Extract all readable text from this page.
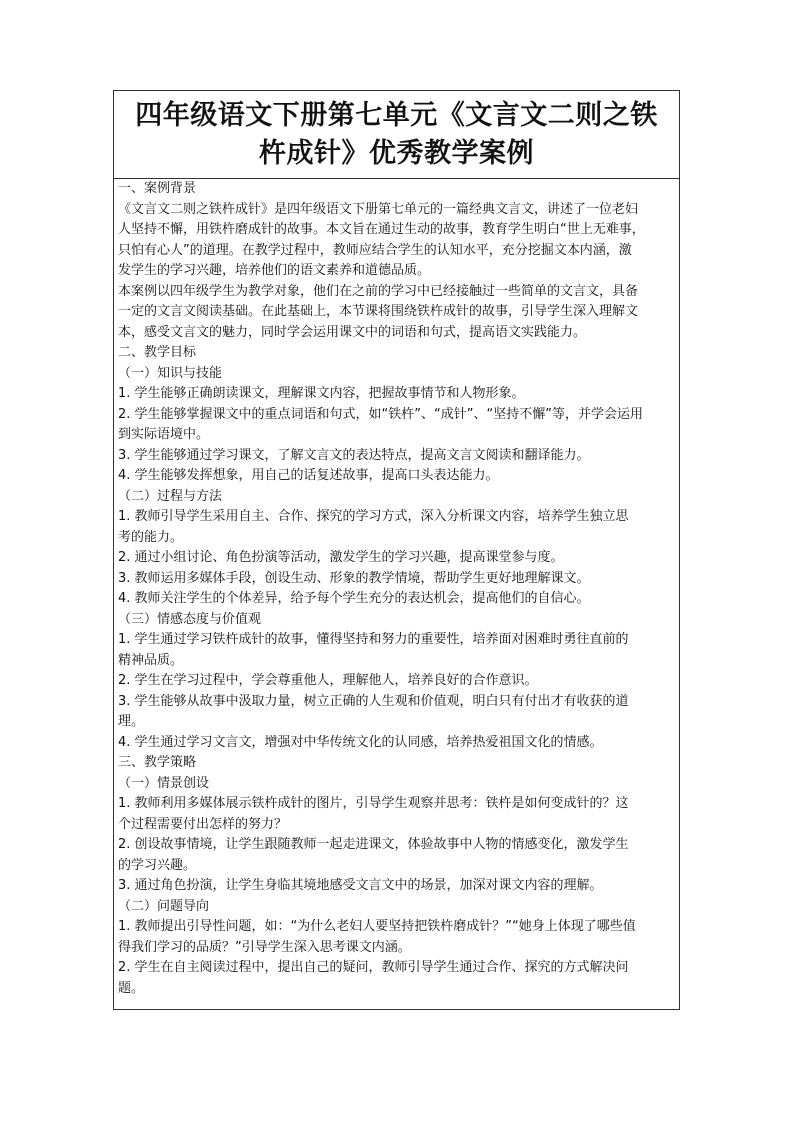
四年级语文下册第七单元《文言文二则之铁
杵成针》优秀教学案例
一、案例背景
《文言文二则之铁杵成针》是四年级语文下册第七单元的一篇经典文言文，讲述了一位老妇
人坚持不懈，用铁杵磨成针的故事。本文旨在通过生动的故事，教育学生明白“世上无难事，
只怕有心人”的道理。在教学过程中，教师应结合学生的认知水平，充分挖掘文本内涵，激
发学生的学习兴趣，培养他们的语文素养和道德品质。
本案例以四年级学生为教学对象，他们在之前的学习中已经接触过一些简单的文言文，具备
一定的文言文阅读基础。在此基础上，本节课将围绕铁杵成针的故事，引导学生深入理解文
本，感受文言文的魅力，同时学会运用课文中的词语和句式，提高语文实践能力。
二、教学目标
（一）知识与技能
1. 学生能够正确朗读课文，理解课文内容，把握故事情节和人物形象。
2. 学生能够掌握课文中的重点词语和句式，如“铁杵”、“成针”、“坚持不懈”等，并学会运用
到实际语境中。
3. 学生能够通过学习课文，了解文言文的表达特点，提高文言文阅读和翻译能力。
4. 学生能够发挥想象，用自己的话复述故事，提高口头表达能力。
（二）过程与方法
1. 教师引导学生采用自主、合作、探究的学习方式，深入分析课文内容，培养学生独立思
考的能力。
2. 通过小组讨论、角色扮演等活动，激发学生的学习兴趣，提高课堂参与度。
3. 教师运用多媒体手段，创设生动、形象的教学情境，帮助学生更好地理解课文。
4. 教师关注学生的个体差异，给予每个学生充分的表达机会，提高他们的自信心。
（三）情感态度与价值观
1. 学生通过学习铁杵成针的故事，懂得坚持和努力的重要性，培养面对困难时勇往直前的
精神品质。
2. 学生在学习过程中，学会尊重他人，理解他人，培养良好的合作意识。
3. 学生能够从故事中汲取力量，树立正确的人生观和价值观，明白只有付出才有收获的道
理。
4. 学生通过学习文言文，增强对中华传统文化的认同感，培养热爱祖国文化的情感。
三、教学策略
（一）情景创设
1. 教师利用多媒体展示铁杵成针的图片，引导学生观察并思考：铁杵是如何变成针的？这
个过程需要付出怎样的努力？
2. 创设故事情境，让学生跟随教师一起走进课文，体验故事中人物的情感变化，激发学生
的学习兴趣。
3. 通过角色扮演，让学生身临其境地感受文言文中的场景，加深对课文内容的理解。
（二）问题导向
1. 教师提出引导性问题，如：“为什么老妇人要坚持把铁杵磨成针？”“她身上体现了哪些值
得我们学习的品质？”引导学生深入思考课文内涵。
2. 学生在自主阅读过程中，提出自己的疑问，教师引导学生通过合作、探究的方式解决问
题。
